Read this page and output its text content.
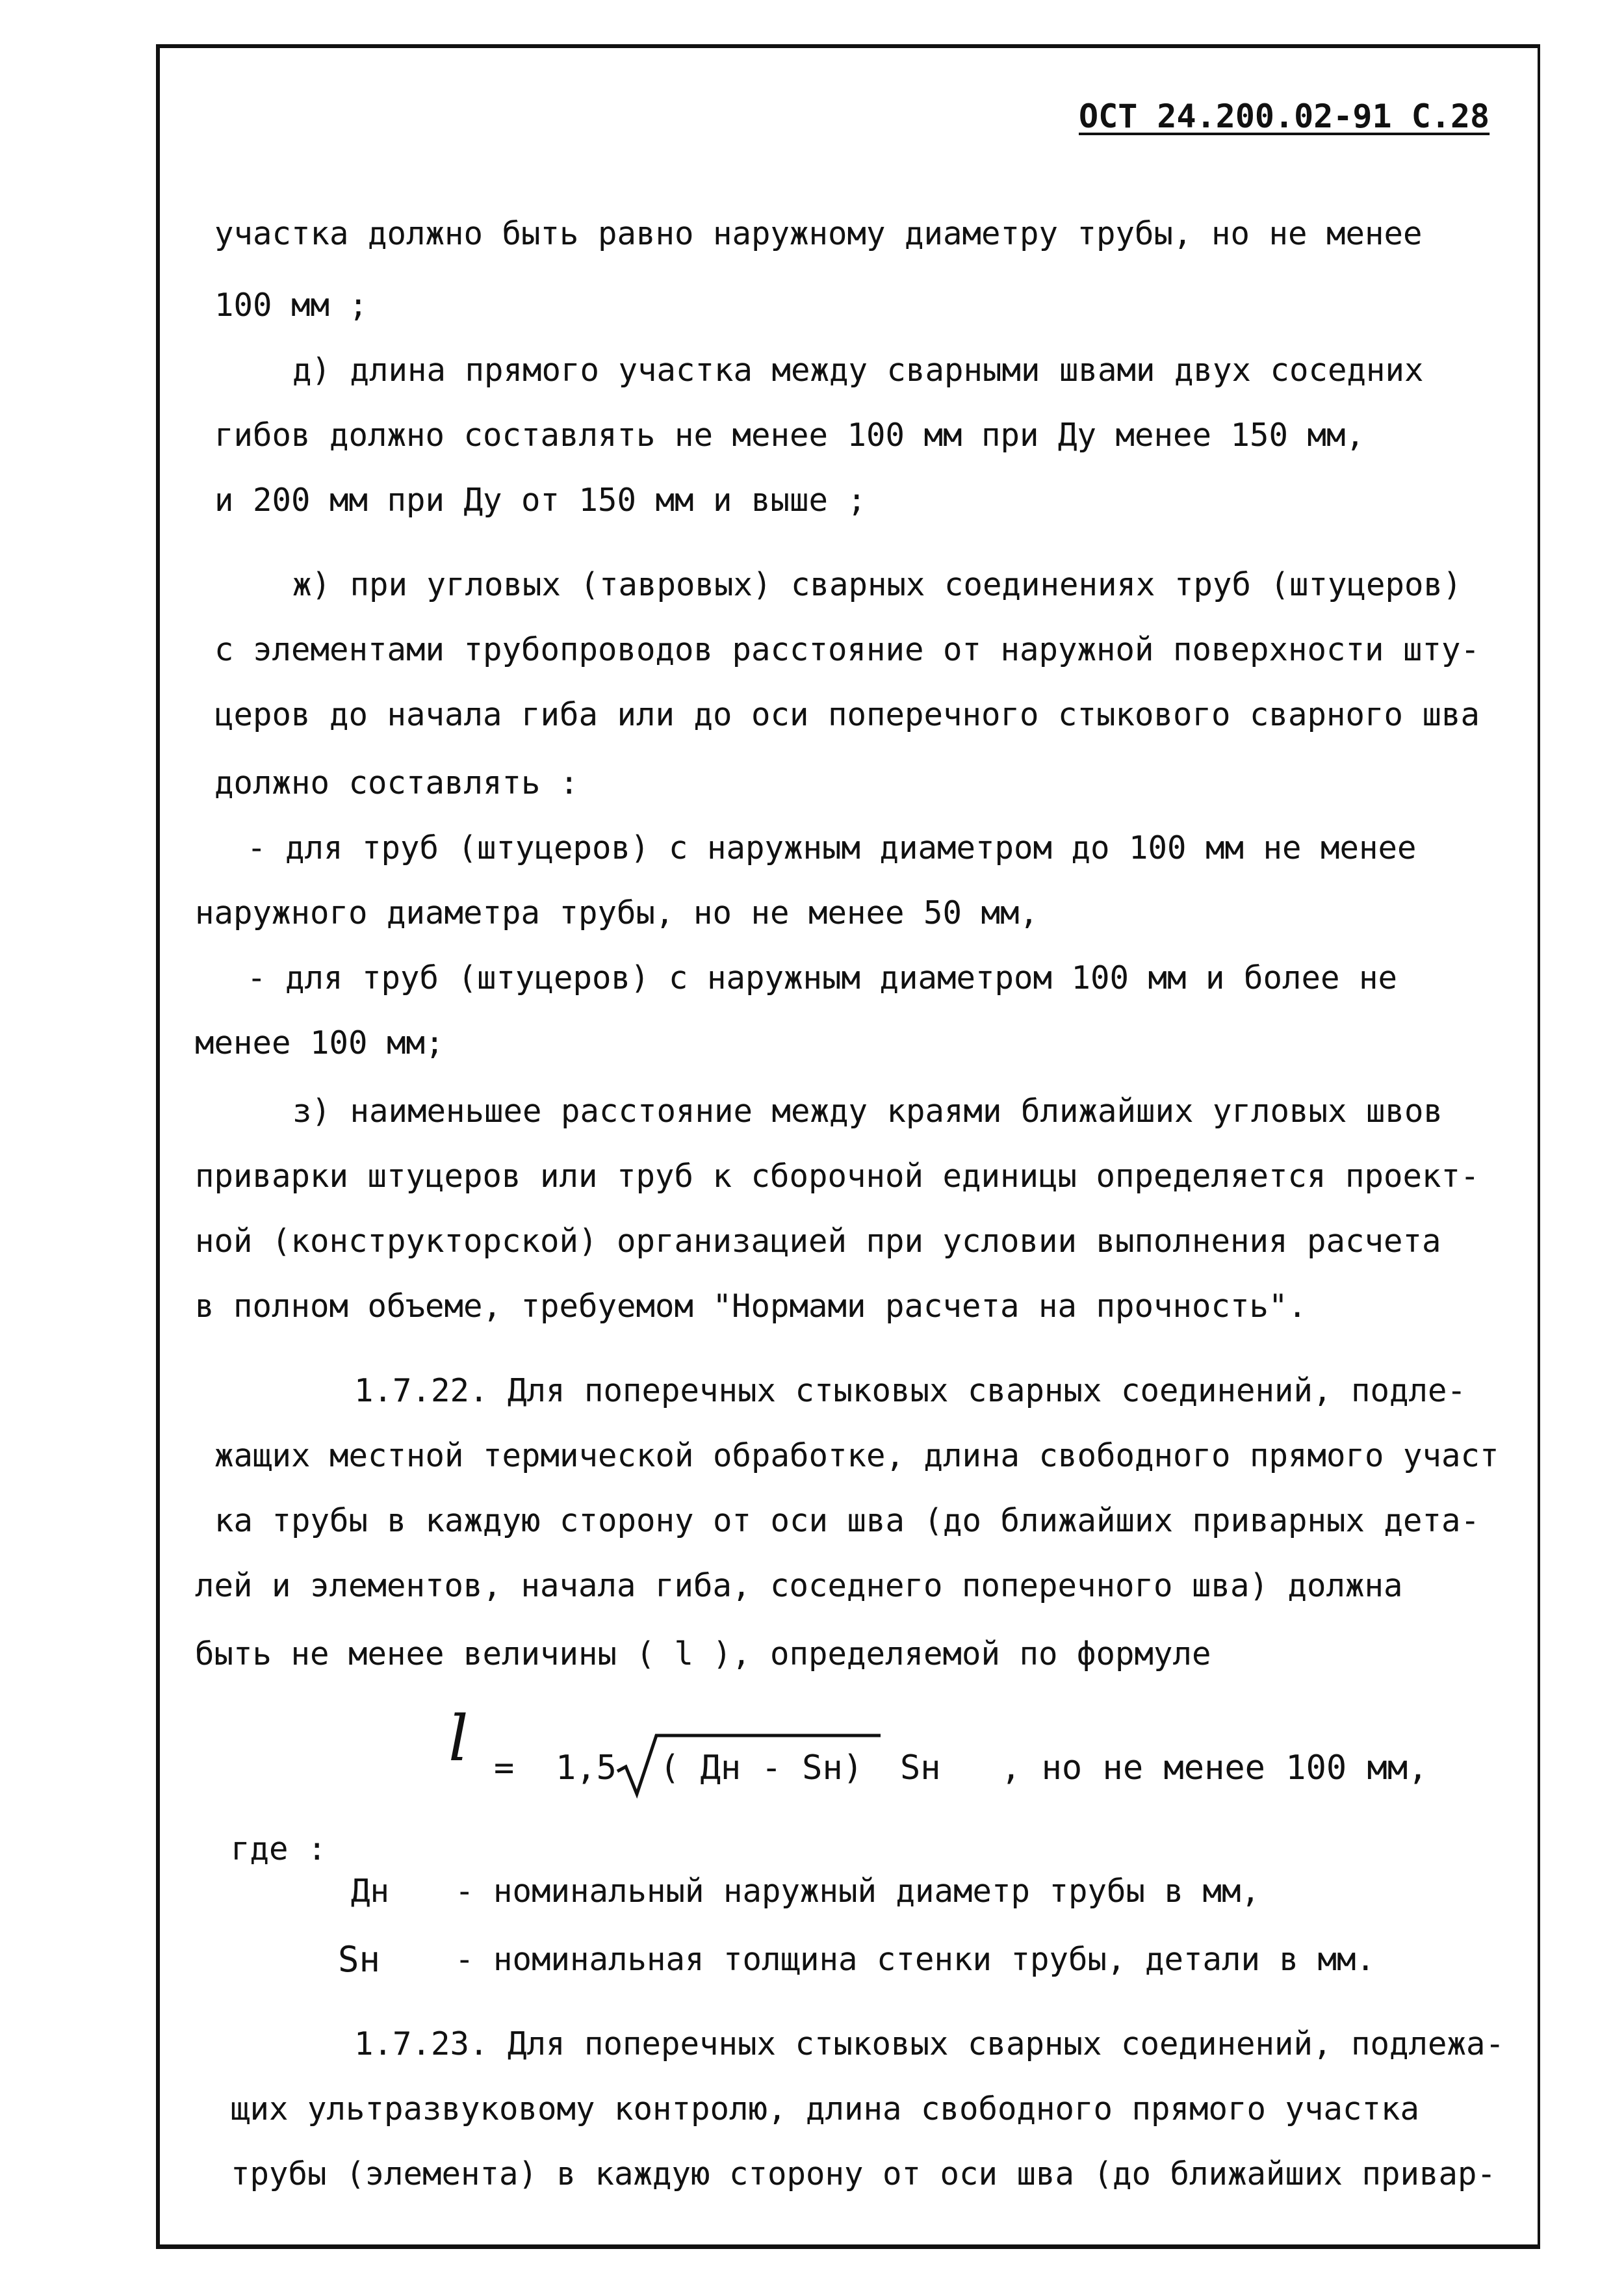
ОСТ 24.200.02-91 С.28
участка должно быть равно наружному диаметру трубы, но не менее
100 мм ;
д) длина прямого участка между сварными швами двух соседних
гибов должно составлять не менее 100 мм при Ду менее 150 мм,
и 200 мм при Ду от 150 мм и выше ;
ж) при угловых (тавровых) сварных соединениях труб (штуцеров)
с элементами трубопроводов расстояние от наружной поверхности шту-
церов до начала гиба или до оси поперечного стыкового сварного шва
должно составлять :
- для труб (штуцеров) с наружным диаметром до 100 мм не менее
наружного диаметра трубы, но не менее 50 мм,
- для труб (штуцеров) с наружным диаметром 100 мм и более не
менее 100 мм;
з) наименьшее расстояние между краями ближайших угловых швов
приварки штуцеров или труб к сборочной единицы определяется проект-
ной (конструкторской) организацией при условии выполнения расчета
в полном объеме, требуемом "Нормами расчета на прочность".
1.7.22. Для поперечных стыковых сварных соединений, подле-
жащих местной термической обработке, длина свободного прямого участ
ка трубы в каждую сторону от оси шва (до ближайших приварных дета-
лей и элементов, начала гиба, соседнего поперечного шва) должна
быть не менее величины ( l ), определяемой по формуле
l = 1,5 ( Дн - Sн) Sн , но не менее 100 мм,
где :
Дн - номинальный наружный диаметр трубы в мм,
Sн - номинальная толщина стенки трубы, детали в мм.
1.7.23. Для поперечных стыковых сварных соединений, подлежа-
щих ультразвуковому контролю, длина свободного прямого участка
трубы (элемента) в каждую сторону от оси шва (до ближайших привар-
